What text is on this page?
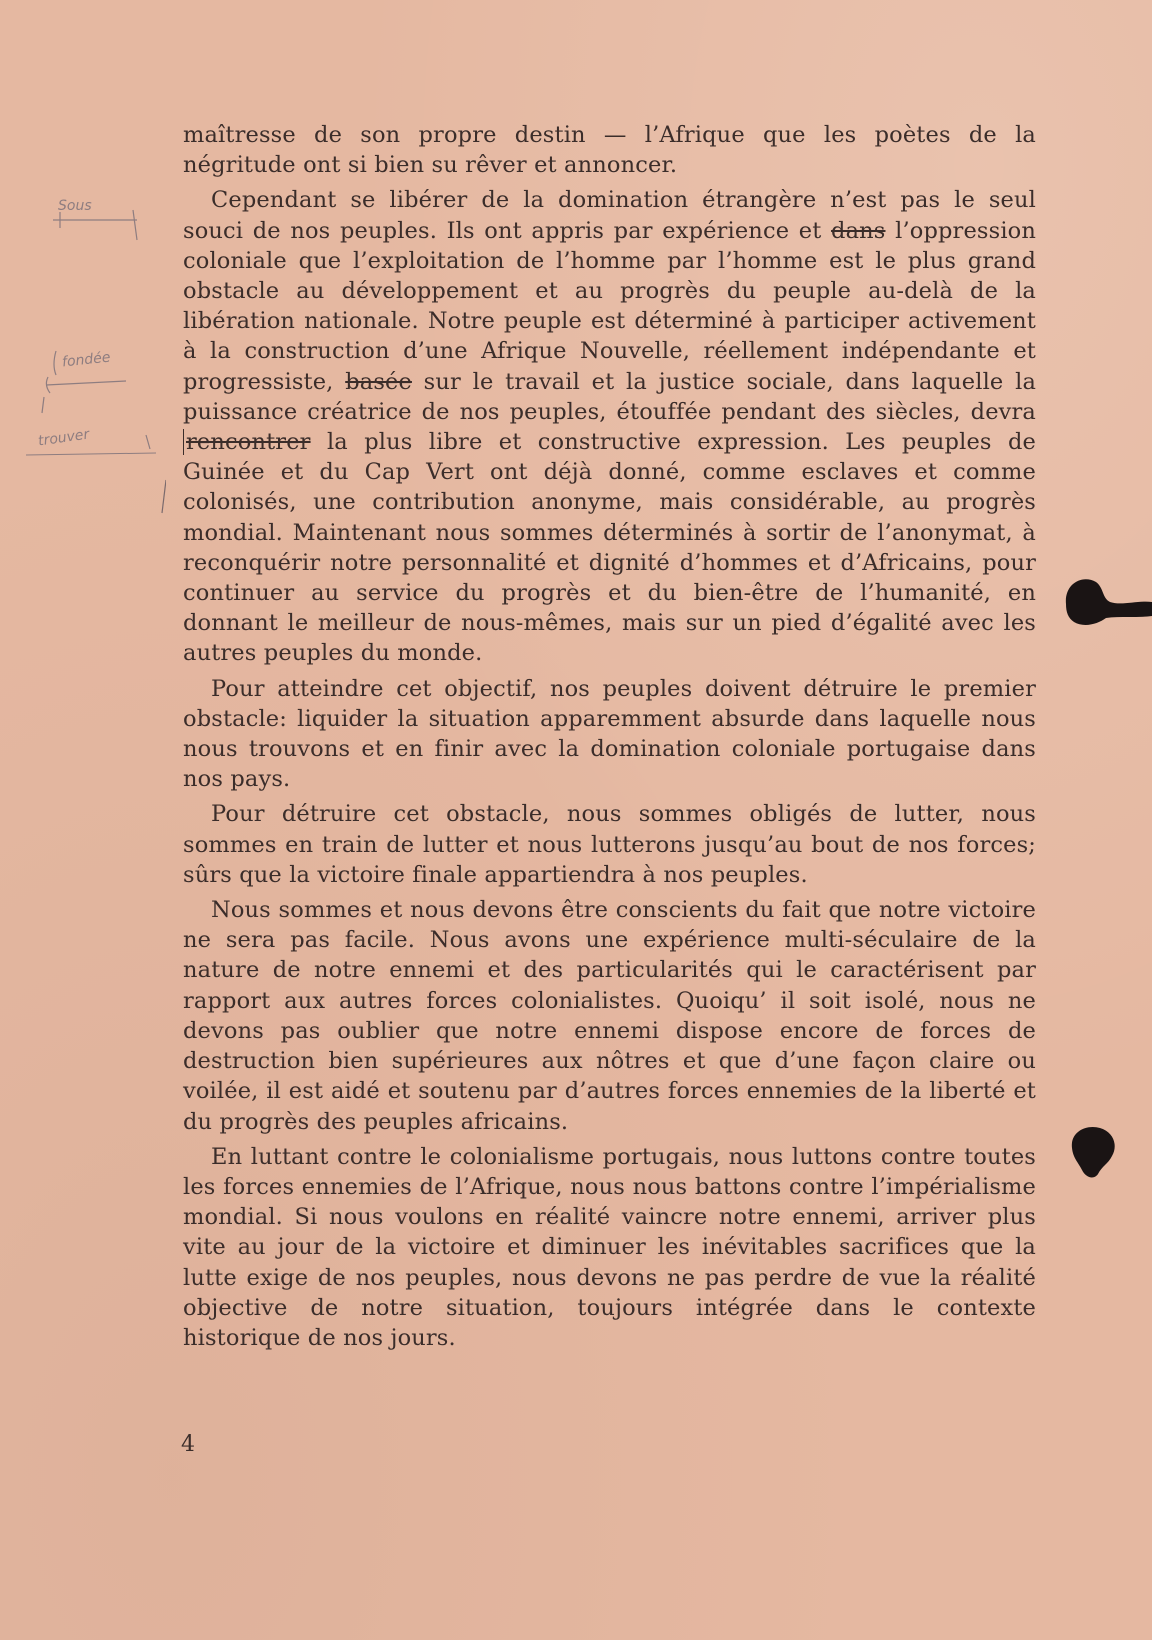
maîtresse de son propre destin — l’Afrique que les poètes de la négritude ont si bien su rêver et annoncer.

Cependant se libérer de la domination étrangère n’est pas le seul souci de nos peuples. Ils ont appris par expérience et dans l’oppression coloniale que l’exploitation de l’homme par l’homme est le plus grand obstacle au développement et au progrès du peuple au-delà de la libération nationale. Notre peuple est déterminé à participer activement à la construction d’une Afrique Nouvelle, réellement indépendante et progressiste, basée sur le travail et la justice sociale, dans laquelle la puissance créatrice de nos peuples, étouffée pendant des siècles, devra rencontrer la plus libre et constructive expression. Les peuples de Guinée et du Cap Vert ont déjà donné, comme esclaves et comme colonisés, une contribution anonyme, mais considérable, au progrès mondial. Maintenant nous sommes déterminés à sortir de l’anonymat, à reconquérir notre personnalité et dignité d’hommes et d’Africains, pour continuer au service du progrès et du bien-être de l’humanité, en donnant le meilleur de nous-mêmes, mais sur un pied d’égalité avec les autres peuples du monde.

Pour atteindre cet objectif, nos peuples doivent détruire le premier obstacle: liquider la situation apparemment absurde dans laquelle nous nous trouvons et en finir avec la domination coloniale portugaise dans nos pays.

Pour détruire cet obstacle, nous sommes obligés de lutter, nous sommes en train de lutter et nous lutterons jusqu’au bout de nos forces; sûrs que la victoire finale appartiendra à nos peuples.

Nous sommes et nous devons être conscients du fait que notre victoire ne sera pas facile. Nous avons une expérience multi-séculaire de la nature de notre ennemi et des particularités qui le caractérisent par rapport aux autres forces colonialistes. Quoiqu’ il soit isolé, nous ne devons pas oublier que notre ennemi dispose encore de forces de destruction bien supérieures aux nôtres et que d’une façon claire ou voilée, il est aidé et soutenu par d’autres forces ennemies de la liberté et du progrès des peuples africains.

En luttant contre le colonialisme portugais, nous luttons contre toutes les forces ennemies de l’Afrique, nous nous battons contre l’impérialisme mondial. Si nous voulons en réalité vaincre notre ennemi, arriver plus vite au jour de la victoire et diminuer les inévitables sacrifices que la lutte exige de nos peuples, nous devons ne pas perdre de vue la réalité objective de notre situation, toujours intégrée dans le contexte historique de nos jours.

4
Sous
fondée
trouver
